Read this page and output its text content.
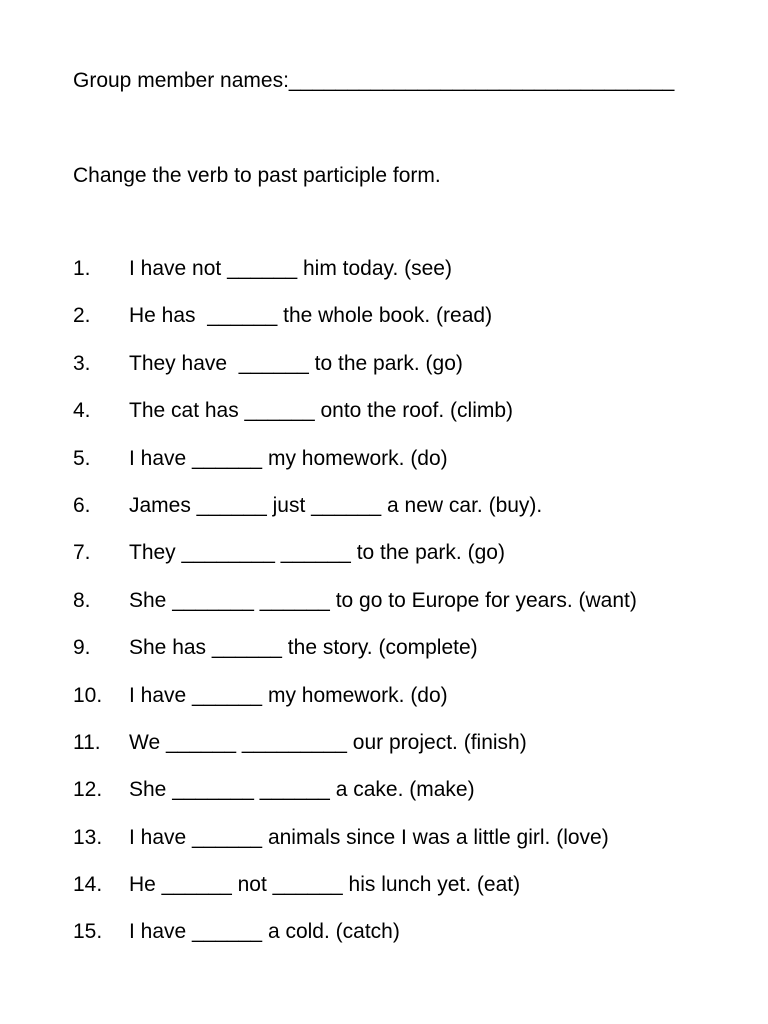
Group member names:_________________________________
Change the verb to past participle form.

1.

I have not ______ him today. (see)

2.

He has  ______ the whole book. (read)

3.

They have  ______ to the park. (go)

4.

The cat has ______ onto the roof. (climb)

5.

I have ______ my homework. (do)

6.

James ______ just ______ a new car. (buy).

7.

They ________ ______ to the park. (go)

8.

She _______ ______ to go to Europe for years. (want)

9.

She has ______ the story. (complete)

10.

I have ______ my homework. (do)

11.

We ______ _________ our project. (finish)

12.

She _______ ______ a cake. (make)

13.

I have ______ animals since I was a little girl. (love)

14.

He ______ not ______ his lunch yet. (eat)

15.

I have ______ a cold. (catch)
